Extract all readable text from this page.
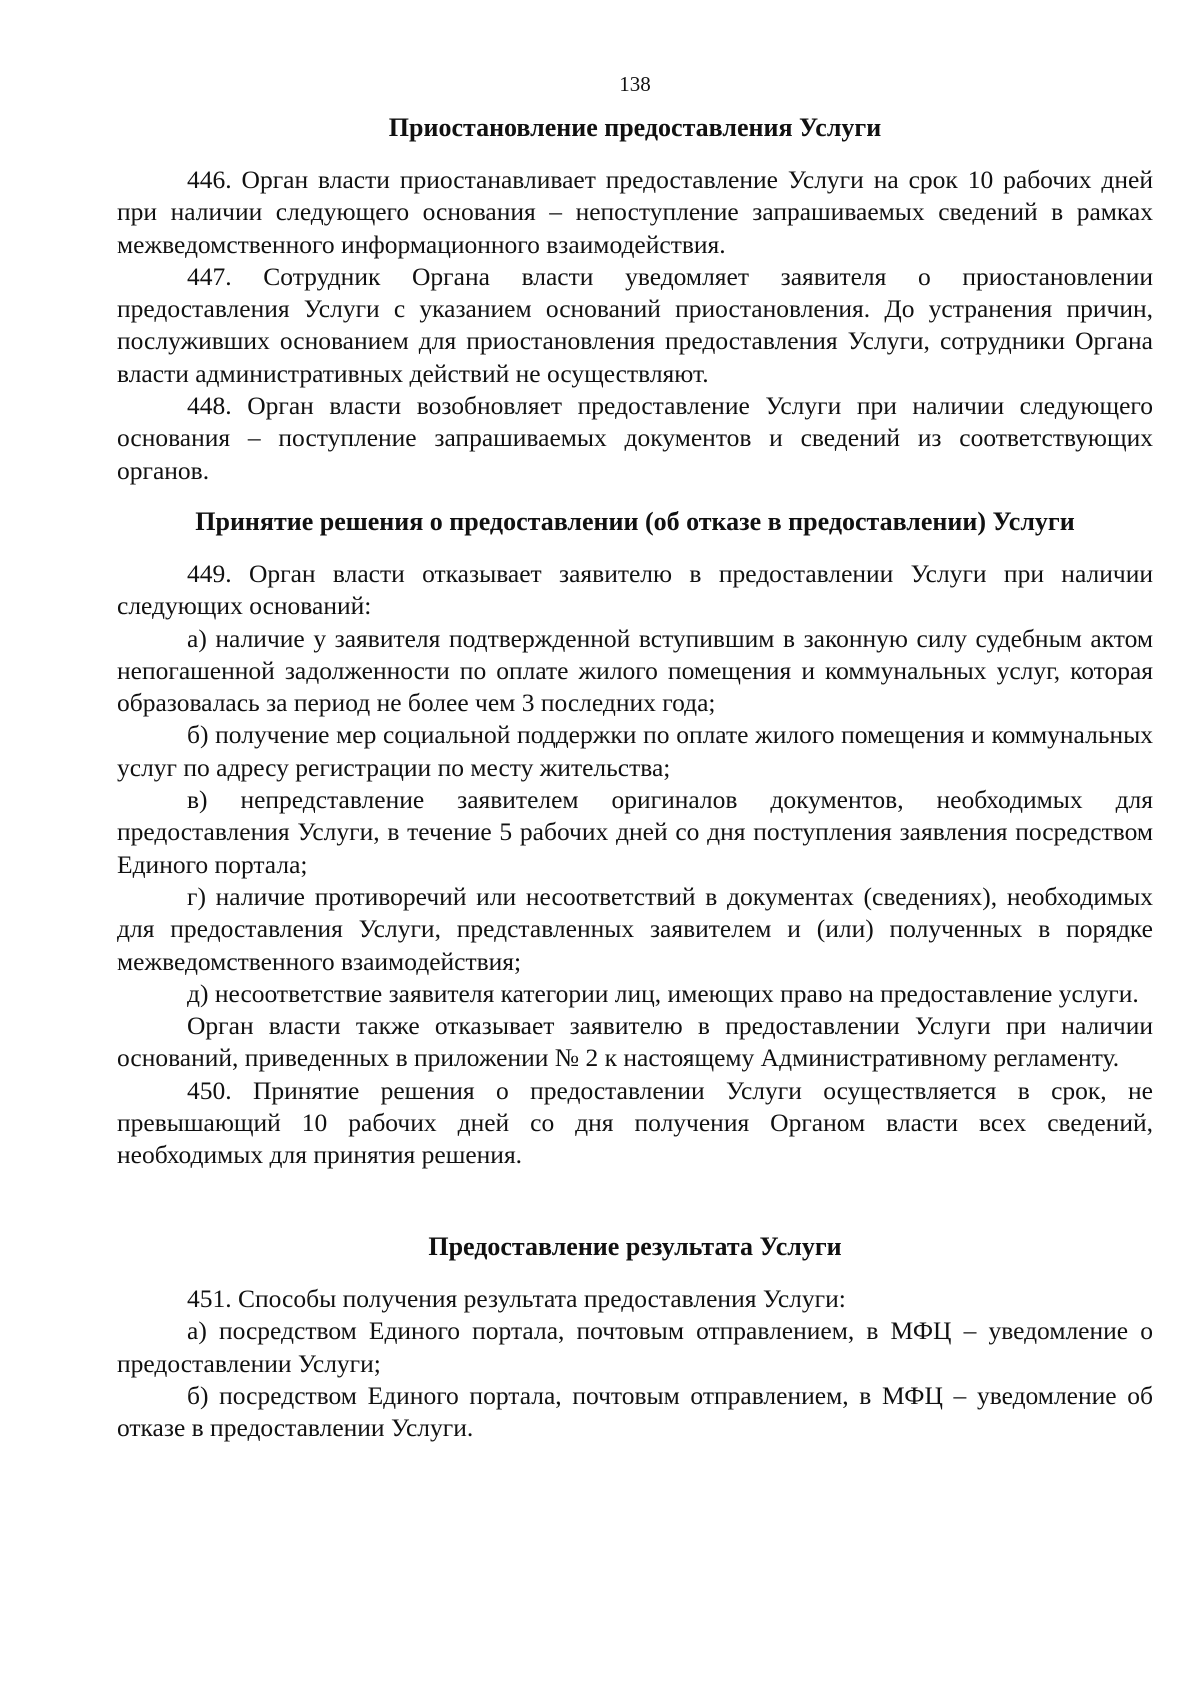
138
Приостановление предоставления Услуги

446. Орган власти приостанавливает предоставление Услуги на срок 10 рабочих дней при наличии следующего основания – непоступление запрашиваемых сведений в рамках межведомственного информационного взаимодействия.

447. Сотрудник Органа власти уведомляет заявителя о приостановлении предоставления Услуги с указанием оснований приостановления. До устранения причин, послуживших основанием для приостановления предоставления Услуги, сотрудники Органа власти административных действий не осуществляют.

448. Орган власти возобновляет предоставление Услуги при наличии следующего основания – поступление запрашиваемых документов и сведений из соответствующих органов.

Принятие решения о предоставлении (об отказе в предоставлении) Услуги

449. Орган власти отказывает заявителю в предоставлении Услуги при наличии следующих оснований:

а) наличие у заявителя подтвержденной вступившим в законную силу судебным актом непогашенной задолженности по оплате жилого помещения и коммунальных услуг, которая образовалась за период не более чем 3 последних года;

б) получение мер социальной поддержки по оплате жилого помещения и коммунальных услуг по адресу регистрации по месту жительства;

в) непредставление заявителем оригиналов документов, необходимых для предоставления Услуги, в течение 5 рабочих дней со дня поступления заявления посредством Единого портала;

г) наличие противоречий или несоответствий в документах (сведениях), необходимых для предоставления Услуги, представленных заявителем и (или) полученных в порядке межведомственного взаимодействия;

д) несоответствие заявителя категории лиц, имеющих право на предоставление услуги.

Орган власти также отказывает заявителю в предоставлении Услуги при наличии оснований, приведенных в приложении № 2 к настоящему Административному регламенту.

450. Принятие решения о предоставлении Услуги осуществляется в срок, не превышающий 10 рабочих дней со дня получения Органом власти всех сведений, необходимых для принятия решения.

Предоставление результата Услуги

451. Способы получения результата предоставления Услуги:

а) посредством Единого портала, почтовым отправлением, в МФЦ – уведомление о предоставлении Услуги;

б) посредством Единого портала, почтовым отправлением, в МФЦ – уведомление об отказе в предоставлении Услуги.
